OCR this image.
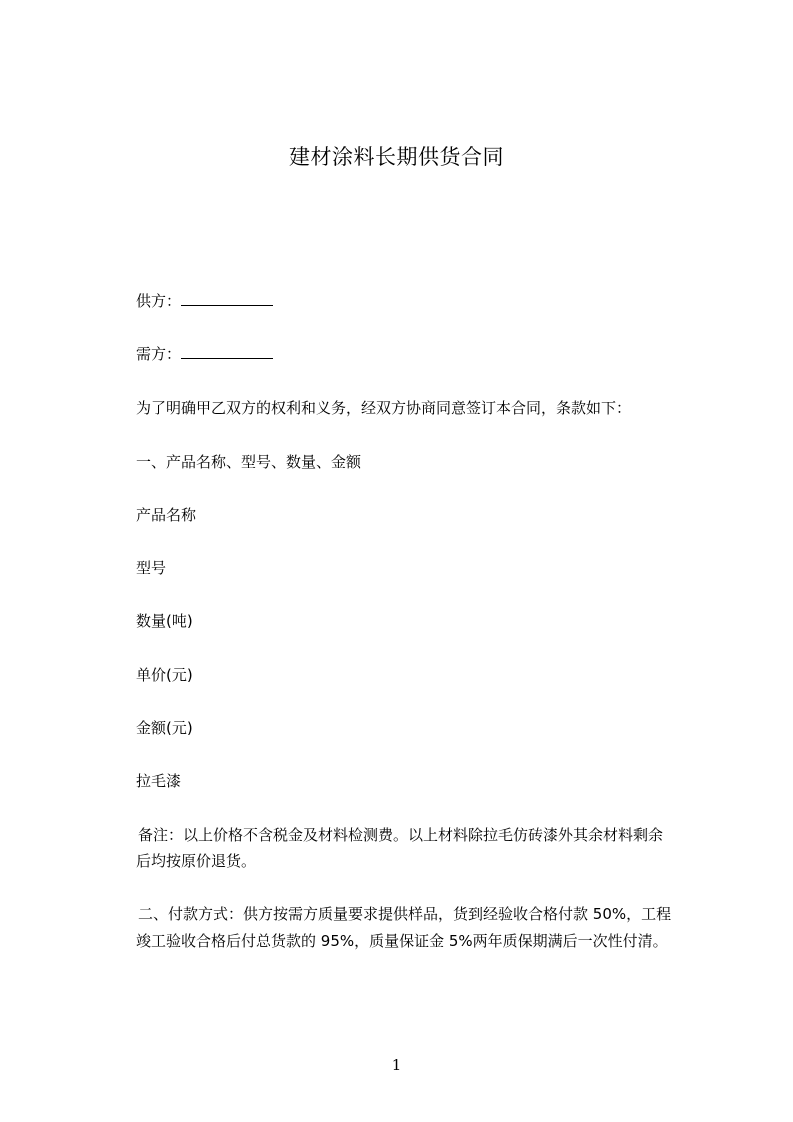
建材涂料长期供货合同
供方：
需方：
为了明确甲乙双方的权利和义务，经双方协商同意签订本合同，条款如下：
一、产品名称、型号、数量、金额
产品名称
型号
数量(吨)
单价(元)
金额(元)
拉毛漆
备注：以上价格不含税金及材料检测费。以上材料除拉毛仿砖漆外其余材料剩余
后均按原价退货。
二、付款方式：供方按需方质量要求提供样品，货到经验收合格付款 50%，工程
竣工验收合格后付总货款的 95%，质量保证金 5%两年质保期满后一次性付清。
1
